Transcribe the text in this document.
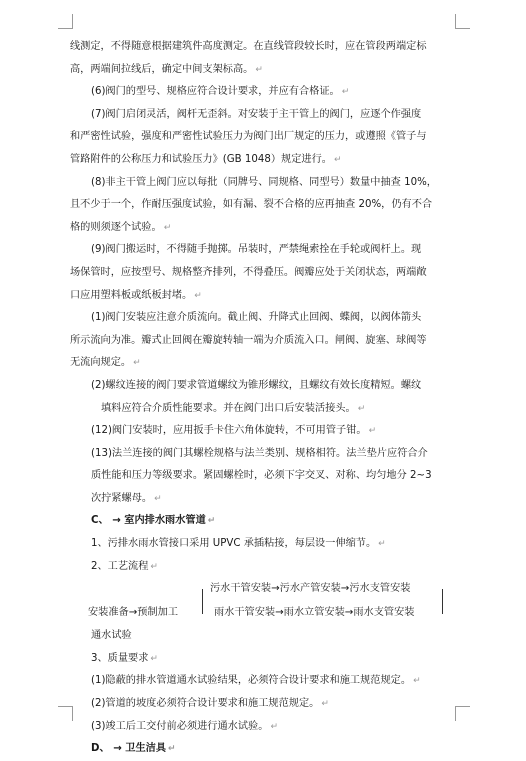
线测定，不得随意根据建筑件高度测定。在直线管段较长时，应在管段两端定标

高，两端间拉线后，确定中间支架标高。 ↵

(6)阀门的型号、规格应符合设计要求，并应有合格证。 ↵

(7)阀门启闭灵活，阀杆无歪斜。对安装于主干管上的阀门，应逐个作强度

和严密性试验，强度和严密性试验压力为阀门出厂规定的压力，或遵照《管子与

管路附件的公称压力和试验压力》(GB 1048）规定进行。 ↵

(8)非主干管上阀门应以每批（同牌号、同规格、同型号）数量中抽查 10%，

且不少于一个，作耐压强度试验，如有漏、裂不合格的应再抽查 20%，仍有不合

格的则须逐个试验。 ↵

(9)阀门搬运时，不得随手抛掷。吊装时，严禁绳索拴在手轮或阀杆上。现

场保管时，应按型号、规格整齐排列，不得叠压。阀瓣应处于关闭状态，两端敞

口应用塑料板或纸板封堵。 ↵

(1)阀门安装应注意介质流向。截止阀、升降式止回阀、蝶阀，以阀体箭头

所示流向为准。瓣式止回阀在瓣旋转轴一端为介质流入口。闸阀、旋塞、球阀等

无流向规定。 ↵

(2)螺纹连接的阀门要求管道螺纹为锥形螺纹，且螺纹有效长度精短。螺纹

填料应符合介质性能要求。并在阀门出口后安装活接头。 ↵

(12)阀门安装时，应用扳手卡住六角体旋转，不可用管子钳。 ↵

(13)法兰连接的阀门其螺栓规格与法兰类别、规格相符。法兰垫片应符合介

质性能和压力等级要求。紧固螺栓时，必须下字交叉、对称、均匀地分 2~3

次拧紧螺母。 ↵

C、 → 室内排水雨水管道 ↵

1、污排水雨水管接口采用 UPVC 承插粘接，每层设一伸缩节。 ↵

2、工艺流程 ↵

污水干管安装→污水产管安装→污水支管安装
安装准备→预制加工	雨水干管安装→雨水立管安装→雨水支管安装

通水试验

3、质量要求 ↵

(1)隐蔽的排水管道通水试验结果，必须符合设计要求和施工规范规定。 ↵

(2)管道的坡度必须符合设计要求和施工规范规定。 ↵

(3)竣工后工交付前必须进行通水试验。 ↵

D、 → 卫生洁具 ↵
